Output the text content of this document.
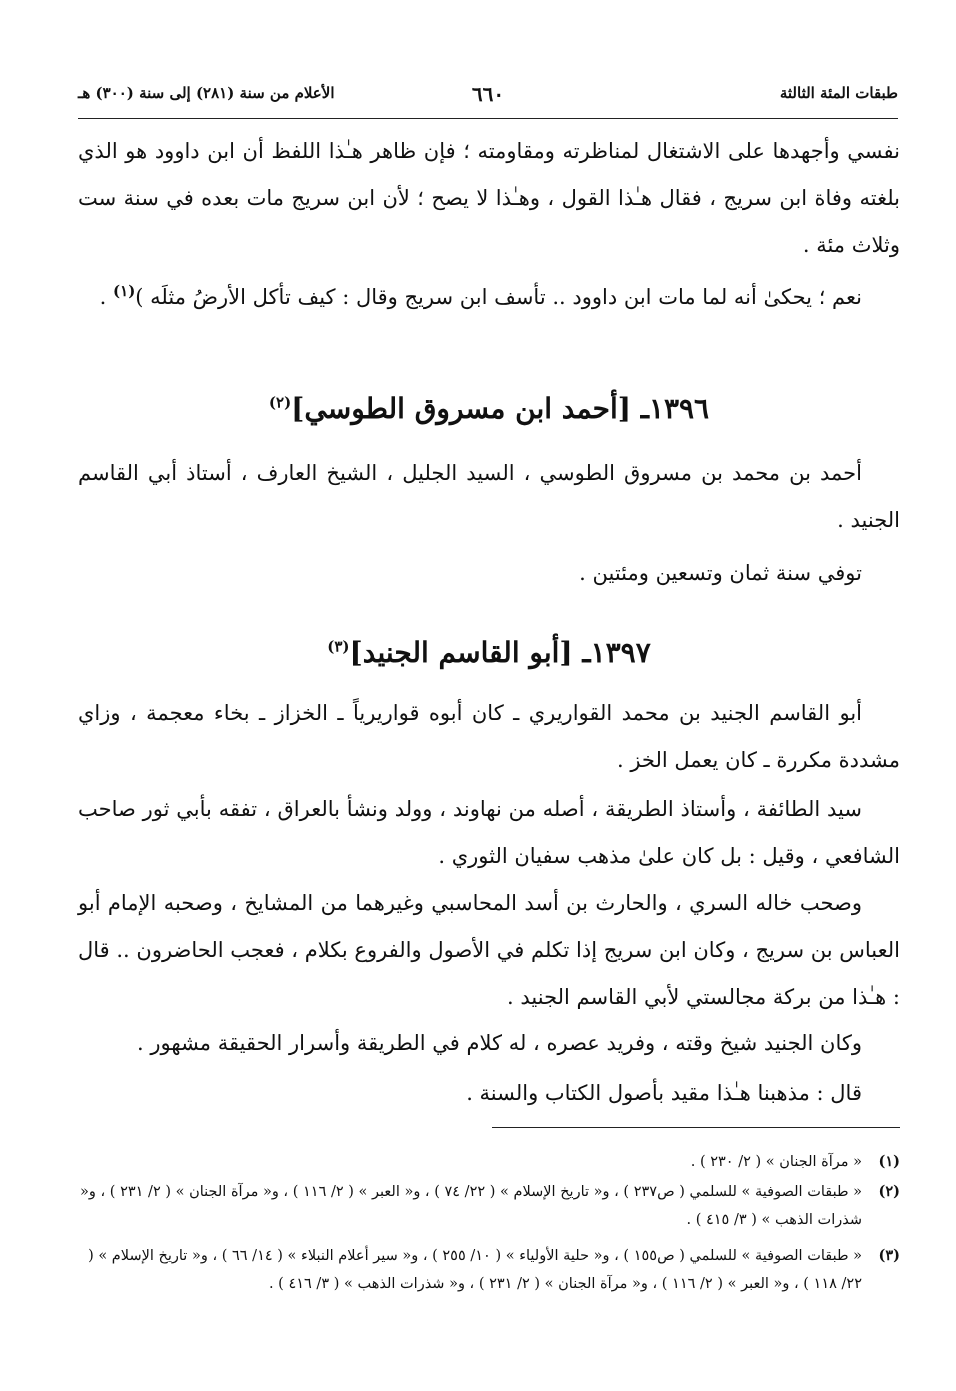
طبقات المئة الثالثة
٦٦٠
الأعلام من سنة (٢٨١) إلى سنة (٣٠٠) هـ
نفسي وأجهدها على الاشتغال لمناظرته ومقاومته ؛ فإن ظاهر هـٰذا اللفظ أن ابن داوود هو الذي بلغته وفاة ابن سريج ، فقال هـٰذا القول ، وهـٰذا لا يصح ؛ لأن ابن سريج مات بعده في سنة ست وثلاث مئة .
نعم ؛ يحكىٰ أنه لما مات ابن داوود .. تأسف ابن سريج وقال : كيف تأكل الأرضُ مثلَه )$^{(١)}$ .
١٣٩٦ـ [أحمد ابن مسروق الطوسي]$^{(٢)}$
أحمد بن محمد بن مسروق الطوسي ، السيد الجليل ، الشيخ العارف ، أستاذ أبي القاسم الجنيد .
توفي سنة ثمان وتسعين ومئتين .
١٣٩٧ـ [أبو القاسم الجنيد]$^{(٣)}$
أبو القاسم الجنيد بن محمد القواريري ـ كان أبوه قواريرياً ـ الخزاز ـ بخاء معجمة ، وزاي مشددة مكررة ـ كان يعمل الخز .
سيد الطائفة ، وأستاذ الطريقة ، أصله من نهاوند ، وولد ونشأ بالعراق ، تفقه بأبي ثور صاحب الشافعي ، وقيل : بل كان علىٰ مذهب سفيان الثوري .
وصحب خاله السري ، والحارث بن أسد المحاسبي وغيرهما من المشايخ ، وصحبه الإمام أبو العباس بن سريج ، وكان ابن سريج إذا تكلم في الأصول والفروع بكلام ، فعجب الحاضرون .. قال : هـٰذا من بركة مجالستي لأبي القاسم الجنيد .
وكان الجنيد شيخ وقته ، وفريد عصره ، له كلام في الطريقة وأسرار الحقيقة مشهور .
قال : مذهبنا هـٰذا مقيد بأصول الكتاب والسنة .
(١)
« مرآة الجنان » ( ٢/ ٢٣٠ ) .
(٢)
« طبقات الصوفية » للسلمي ( ص٢٣٧ ) ، و« تاريخ الإسلام » ( ٢٢/ ٧٤ ) ، و« العبر » ( ٢/ ١١٦ ) ، و« مرآة الجنان » ( ٢/ ٢٣١ ) ، و« شذرات الذهب » ( ٣/ ٤١٥ ) .
(٣)
« طبقات الصوفية » للسلمي ( ص١٥٥ ) ، و« حلية الأولياء » ( ١٠/ ٢٥٥ ) ، و« سير أعلام النبلاء » ( ١٤/ ٦٦ ) ، و« تاريخ الإسلام » ( ٢٢/ ١١٨ ) ، و« العبر » ( ٢/ ١١٦ ) ، و« مرآة الجنان » ( ٢/ ٢٣١ ) ، و« شذرات الذهب » ( ٣/ ٤١٦ ) .
